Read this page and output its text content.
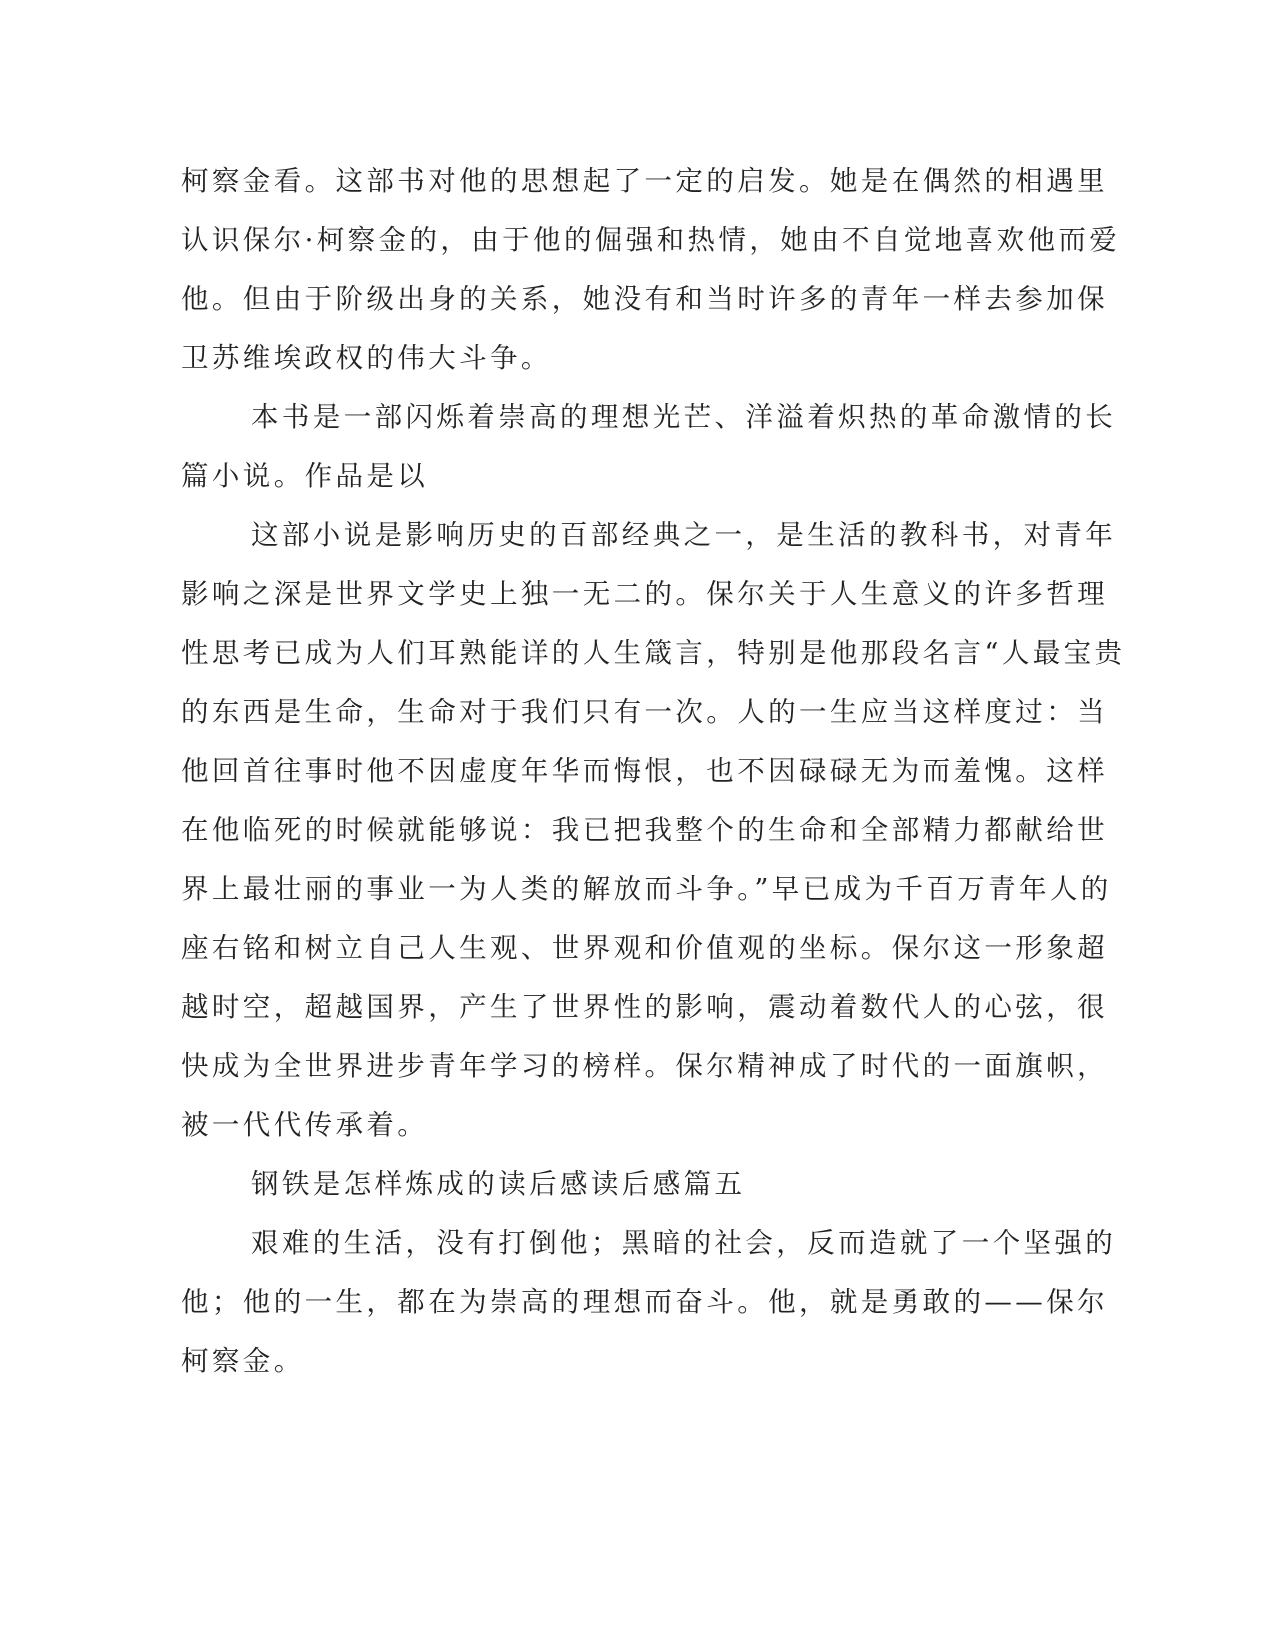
柯察金看。这部书对他的思想起了一定的启发。她是在偶然的相遇里

认识保尔·柯察金的，由于他的倔强和热情，她由不自觉地喜欢他而爱

他。但由于阶级出身的关系，她没有和当时许多的青年一样去参加保

卫苏维埃政权的伟大斗争。

本书是一部闪烁着崇高的理想光芒、洋溢着炽热的革命激情的长

篇小说。作品是以

这部小说是影响历史的百部经典之一，是生活的教科书，对青年

影响之深是世界文学史上独一无二的。保尔关于人生意义的许多哲理

性思考已成为人们耳熟能详的人生箴言，特别是他那段名言“人最宝贵

的东西是生命，生命对于我们只有一次。人的一生应当这样度过：当

他回首往事时他不因虚度年华而悔恨，也不因碌碌无为而羞愧。这样

在他临死的时候就能够说：我已把我整个的生命和全部精力都献给世

界上最壮丽的事业一为人类的解放而斗争。”早已成为千百万青年人的

座右铭和树立自己人生观、世界观和价值观的坐标。保尔这一形象超

越时空，超越国界，产生了世界性的影响，震动着数代人的心弦，很

快成为全世界进步青年学习的榜样。保尔精神成了时代的一面旗帜，

被一代代传承着。

钢铁是怎样炼成的读后感读后感篇五

艰难的生活，没有打倒他；黑暗的社会，反而造就了一个坚强的

他；他的一生，都在为崇高的理想而奋斗。他，就是勇敢的——保尔

柯察金。
